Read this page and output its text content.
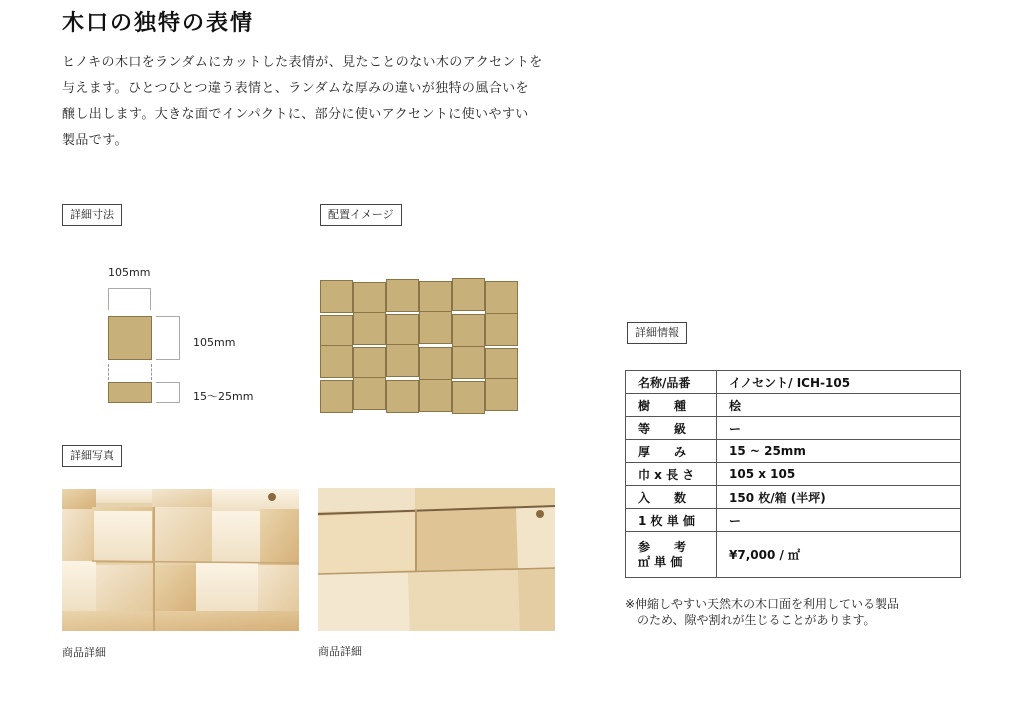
木口の独特の表情
ヒノキの木口をランダムにカットした表情が、見たことのない木のアクセントを
与えます。ひとつひとつ違う表情と、ランダムな厚みの違いが独特の風合いを
醸し出します。大きな面でインパクトに、部分に使いアクセントに使いやすい
製品です。
詳細寸法	配置イメージ
詳細写真
詳細情報
105mm
105mm
15〜25mm
商品詳細	商品詳細
名称/品番	イノセント/ ICH-105
樹　　種	桧
等　　級	ー
厚　　み	15 ~ 25mm
巾 x 長 さ	105 x 105
入　　数	150 枚/箱 (半坪)
1 枚 単 価	ー
参　　考
㎡ 単 価	¥7,000 / ㎡
※伸縮しやすい天然木の木口面を利用している製品
　のため、隙や割れが生じることがあります。
